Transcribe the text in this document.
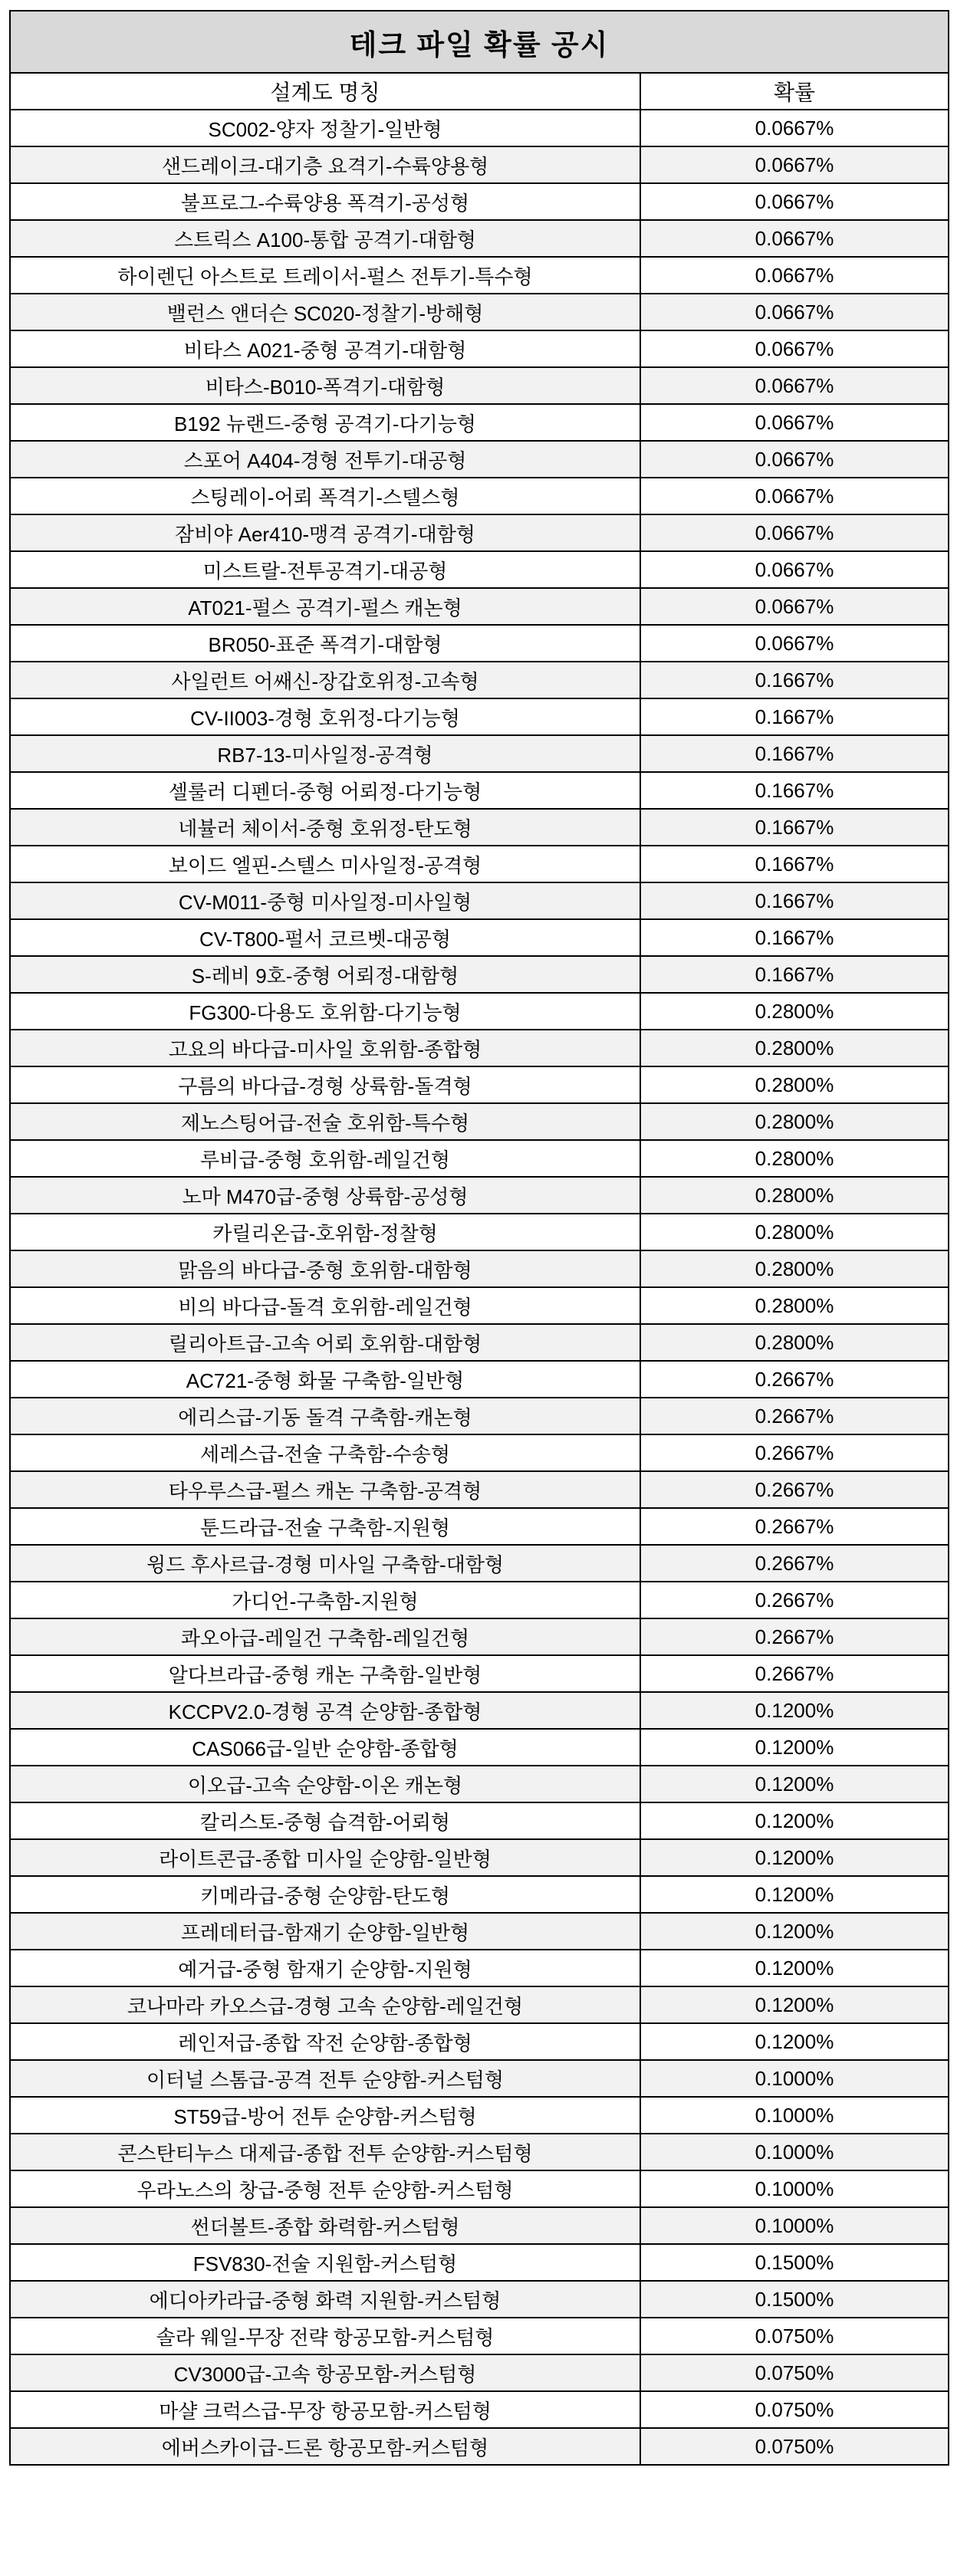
테크 파일 확률 공시	
설계도 명칭	확률
SC002-양자 정찰기-일반형	0.0667%
샌드레이크-대기층 요격기-수륙양용형	0.0667%
불프로그-수륙양용 폭격기-공성형	0.0667%
스트릭스 A100-통합 공격기-대함형	0.0667%
하이렌딘 아스트로 트레이서-펄스 전투기-특수형	0.0667%
밸런스 앤더슨 SC020-정찰기-방해형	0.0667%
비타스 A021-중형 공격기-대함형	0.0667%
비타스-B010-폭격기-대함형	0.0667%
B192 뉴랜드-중형 공격기-다기능형	0.0667%
스포어 A404-경형 전투기-대공형	0.0667%
스팅레이-어뢰 폭격기-스텔스형	0.0667%
잠비야 Aer410-맹격 공격기-대함형	0.0667%
미스트랄-전투공격기-대공형	0.0667%
AT021-펄스 공격기-펄스 캐논형	0.0667%
BR050-표준 폭격기-대함형	0.0667%
사일런트 어쌔신-장갑호위정-고속형	0.1667%
CV-II003-경형 호위정-다기능형	0.1667%
RB7-13-미사일정-공격형	0.1667%
셀룰러 디펜더-중형 어뢰정-다기능형	0.1667%
네뷸러 체이서-중형 호위정-탄도형	0.1667%
보이드 엘핀-스텔스 미사일정-공격형	0.1667%
CV-M011-중형 미사일정-미사일형	0.1667%
CV-T800-펄서 코르벳-대공형	0.1667%
S-레비 9호-중형 어뢰정-대함형	0.1667%
FG300-다용도 호위함-다기능형	0.2800%
고요의 바다급-미사일 호위함-종합형	0.2800%
구름의 바다급-경형 상륙함-돌격형	0.2800%
제노스팅어급-전술 호위함-특수형	0.2800%
루비급-중형 호위함-레일건형	0.2800%
노마 M470급-중형 상륙함-공성형	0.2800%
카릴리온급-호위함-정찰형	0.2800%
맑음의 바다급-중형 호위함-대함형	0.2800%
비의 바다급-돌격 호위함-레일건형	0.2800%
릴리아트급-고속 어뢰 호위함-대함형	0.2800%
AC721-중형 화물 구축함-일반형	0.2667%
에리스급-기동 돌격 구축함-캐논형	0.2667%
세레스급-전술 구축함-수송형	0.2667%
타우루스급-펄스 캐논 구축함-공격형	0.2667%
툰드라급-전술 구축함-지원형	0.2667%
윙드 후사르급-경형 미사일 구축함-대함형	0.2667%
가디언-구축함-지원형	0.2667%
콰오아급-레일건 구축함-레일건형	0.2667%
알다브라급-중형 캐논 구축함-일반형	0.2667%
KCCPV2.0-경형 공격 순양함-종합형	0.1200%
CAS066급-일반 순양함-종합형	0.1200%
이오급-고속 순양함-이온 캐논형	0.1200%
칼리스토-중형 습격함-어뢰형	0.1200%
라이트콘급-종합 미사일 순양함-일반형	0.1200%
키메라급-중형 순양함-탄도형	0.1200%
프레데터급-함재기 순양함-일반형	0.1200%
예거급-중형 함재기 순양함-지원형	0.1200%
코나마라 카오스급-경형 고속 순양함-레일건형	0.1200%
레인저급-종합 작전 순양함-종합형	0.1200%
이터널 스톰급-공격 전투 순양함-커스텀형	0.1000%
ST59급-방어 전투 순양함-커스텀형	0.1000%
콘스탄티누스 대제급-종합 전투 순양함-커스텀형	0.1000%
우라노스의 창급-중형 전투 순양함-커스텀형	0.1000%
썬더볼트-종합 화력함-커스텀형	0.1000%
FSV830-전술 지원함-커스텀형	0.1500%
에디아카라급-중형 화력 지원함-커스텀형	0.1500%
솔라 웨일-무장 전략 항공모함-커스텀형	0.0750%
CV3000급-고속 항공모함-커스텀형	0.0750%
마샬 크럭스급-무장 항공모함-커스텀형	0.0750%
에버스카이급-드론 항공모함-커스텀형	0.0750%
